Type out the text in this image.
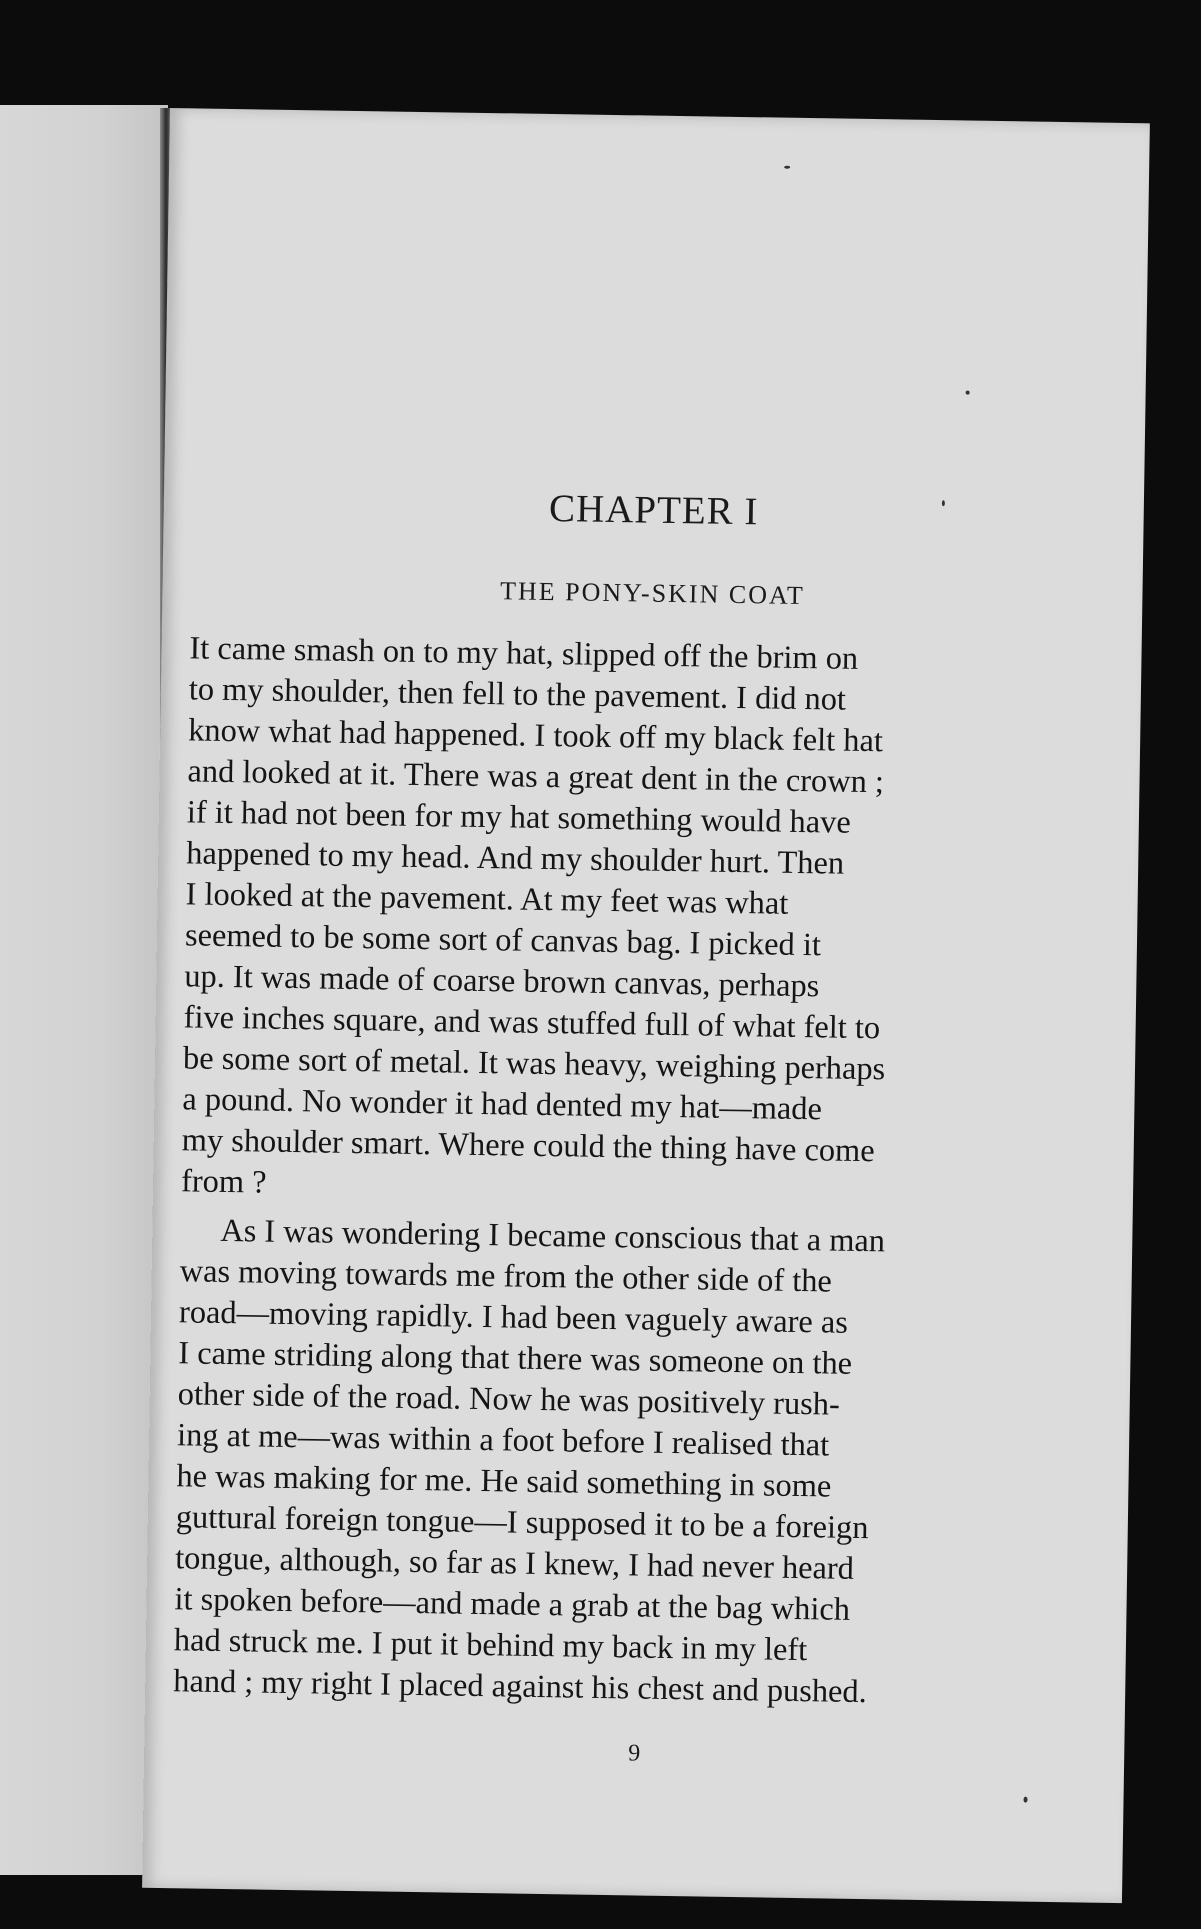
CHAPTER I
THE PONY-SKIN COAT

It came smash on to my hat, slipped off the brim on

to my shoulder, then fell to the pavement. I did not

know what had happened. I took off my black felt hat

and looked at it. There was a great dent in the crown ;

if it had not been for my hat something would have

happened to my head. And my shoulder hurt. Then

I looked at the pavement. At my feet was what

seemed to be some sort of canvas bag. I picked it

up. It was made of coarse brown canvas, perhaps

five inches square, and was stuffed full of what felt to

be some sort of metal. It was heavy, weighing perhaps

a pound. No wonder it had dented my hat—made

my shoulder smart. Where could the thing have come

from ?

As I was wondering I became conscious that a man

was moving towards me from the other side of the

road—moving rapidly. I had been vaguely aware as

I came striding along that there was someone on the

other side of the road. Now he was positively rush-

ing at me—was within a foot before I realised that

he was making for me. He said something in some

guttural foreign tongue—I supposed it to be a foreign

tongue, although, so far as I knew, I had never heard

it spoken before—and made a grab at the bag which

had struck me. I put it behind my back in my left

hand ; my right I placed against his chest and pushed.

9
